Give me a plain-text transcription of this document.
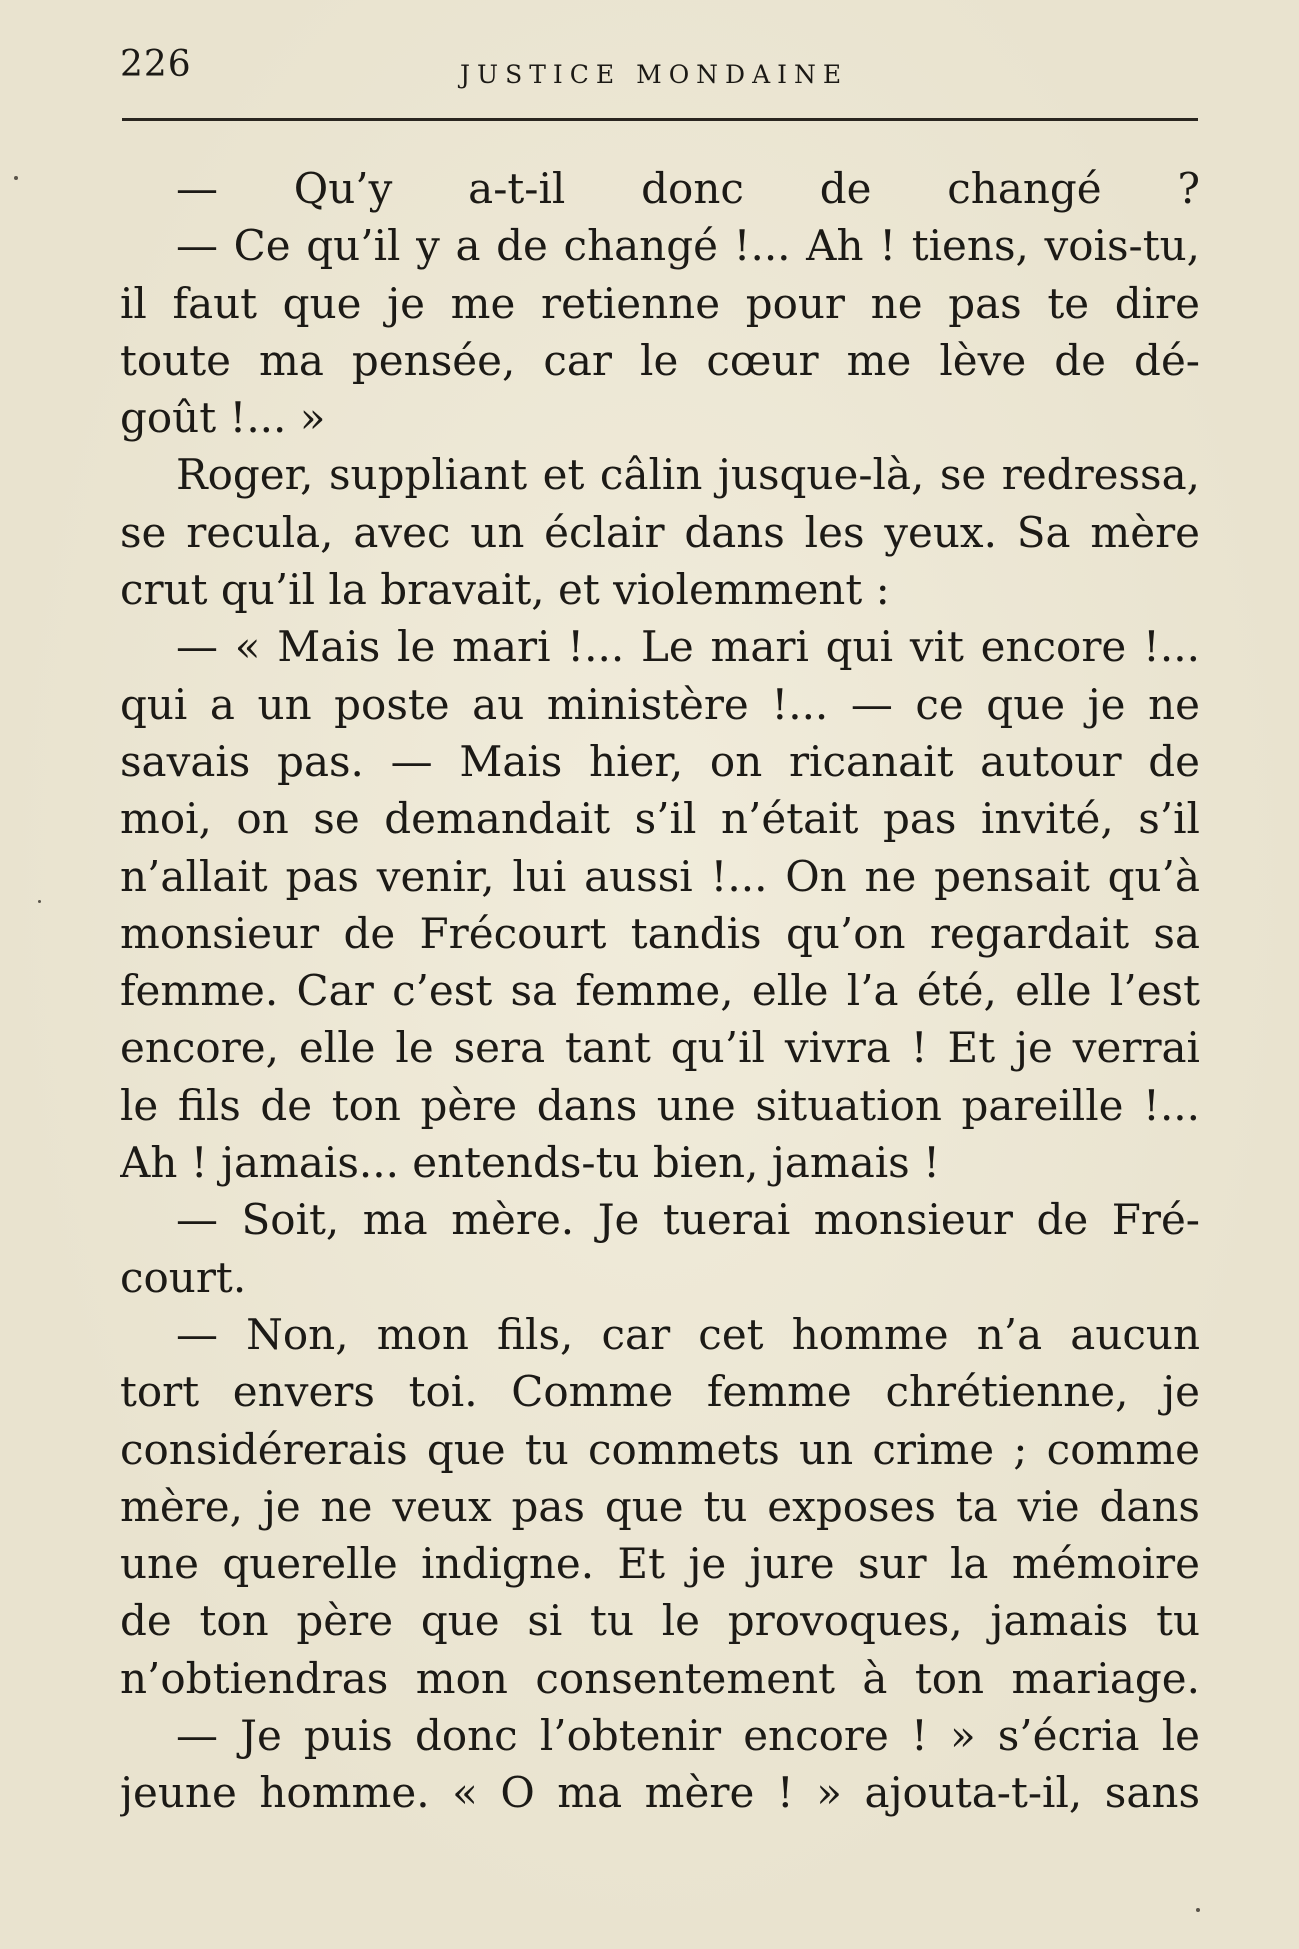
226	JUSTICE MONDAINE
— Qu’y a-t-il donc de changé ?
— Ce qu’il y a de changé !... Ah ! tiens, vois-tu,
il faut que je me retienne pour ne pas te dire
toute ma pensée, car le cœur me lève de dé-
goût !... »
Roger, suppliant et câlin jusque-là, se redressa,
se recula, avec un éclair dans les yeux. Sa mère
crut qu’il la bravait, et violemment :
— « Mais le mari !... Le mari qui vit encore !...
qui a un poste au ministère !... — ce que je ne
savais pas. — Mais hier, on ricanait autour de
moi, on se demandait s’il n’était pas invité, s’il
n’allait pas venir, lui aussi !... On ne pensait qu’à
monsieur de Frécourt tandis qu’on regardait sa
femme. Car c’est sa femme, elle l’a été, elle l’est
encore, elle le sera tant qu’il vivra ! Et je verrai
le fils de ton père dans une situation pareille !...
Ah ! jamais... entends-tu bien, jamais !
— Soit, ma mère. Je tuerai monsieur de Fré-
court.
— Non, mon fils, car cet homme n’a aucun
tort envers toi. Comme femme chrétienne, je
considérerais que tu commets un crime ; comme
mère, je ne veux pas que tu exposes ta vie dans
une querelle indigne. Et je jure sur la mémoire
de ton père que si tu le provoques, jamais tu
n’obtiendras mon consentement à ton mariage.
— Je puis donc l’obtenir encore ! » s’écria le
jeune homme. « O ma mère ! » ajouta-t-il, sans
